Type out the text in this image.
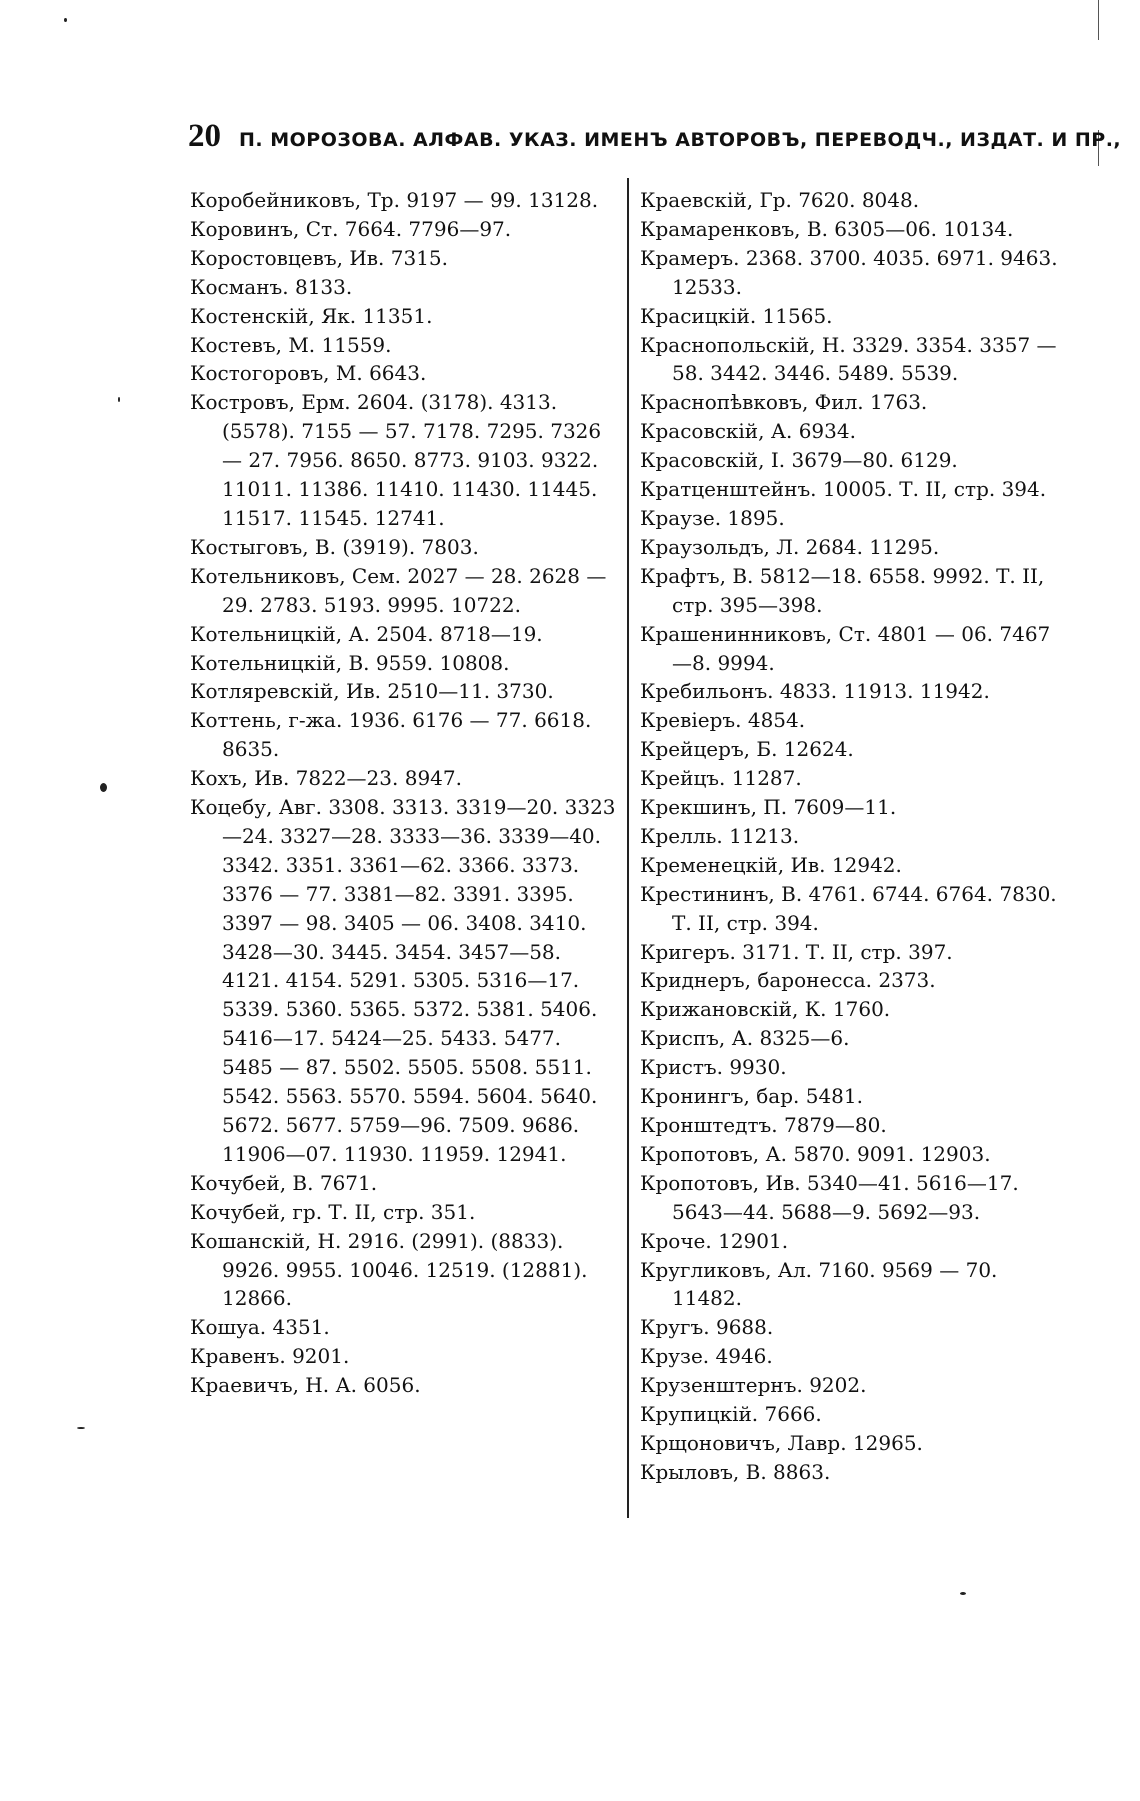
20 П. МОРОЗОВА. АЛФАВ. УКАЗ. ИМЕНЪ АВТОРОВЪ, ПЕРЕВОДЧ., ИЗДАТ. И ПР.,
Коробейниковъ, Тр. 9197 — 99. 13128.
Коровинъ, Ст. 7664. 7796—97.
Коростовцевъ, Ив. 7315.
Косманъ. 8133.
Костенскій, Як. 11351.
Костевъ, М. 11559.
Костогоровъ, М. 6643.
Костровъ, Ерм. 2604. (3178). 4313. (5578). 7155 — 57. 7178. 7295. 7326 — 27. 7956. 8650. 8773. 9103. 9322. 11011. 11386. 11410. 11430. 11445. 11517. 11545. 12741.
Костыговъ, В. (3919). 7803.
Котельниковъ, Сем. 2027 — 28. 2628 — 29. 2783. 5193. 9995. 10722.
Котельницкій, А. 2504. 8718—19.
Котельницкій, В. 9559. 10808.
Котляревскій, Ив. 2510—11. 3730.
Коттень, г-жа. 1936. 6176 — 77. 6618. 8635.
Кохъ, Ив. 7822—23. 8947.
Коцебу, Авг. 3308. 3313. 3319—20. 3323—24. 3327—28. 3333—36. 3339—40. 3342. 3351. 3361—62. 3366. 3373. 3376 — 77. 3381—82. 3391. 3395. 3397 — 98. 3405 — 06. 3408. 3410. 3428—30. 3445. 3454. 3457—58. 4121. 4154. 5291. 5305. 5316—17. 5339. 5360. 5365. 5372. 5381. 5406. 5416—17. 5424—25. 5433. 5477. 5485 — 87. 5502. 5505. 5508. 5511. 5542. 5563. 5570. 5594. 5604. 5640. 5672. 5677. 5759—96. 7509. 9686. 11906—07. 11930. 11959. 12941.
Кочубей, В. 7671.
Кочубей, гр. Т. II, стр. 351.
Кошанскій, Н. 2916. (2991). (8833). 9926. 9955. 10046. 12519. (12881). 12866.
Кошуа. 4351.
Кравенъ. 9201.
Краевичъ, Н. А. 6056.
Краевскій, Гр. 7620. 8048.
Крамаренковъ, В. 6305—06. 10134.
Крамеръ. 2368. 3700. 4035. 6971. 9463. 12533.
Красицкій. 11565.
Краснопольскій, Н. 3329. 3354. 3357 — 58. 3442. 3446. 5489. 5539.
Краснопѣвковъ, Фил. 1763.
Красовскій, А. 6934.
Красовскій, І. 3679—80. 6129.
Кратценштейнъ. 10005. Т. II, стр. 394.
Краузе. 1895.
Краузольдъ, Л. 2684. 11295.
Крафтъ, В. 5812—18. 6558. 9992. Т. II, стр. 395—398.
Крашенинниковъ, Ст. 4801 — 06. 7467—8. 9994.
Кребильонъ. 4833. 11913. 11942.
Кревіеръ. 4854.
Крейцеръ, Б. 12624.
Крейцъ. 11287.
Крекшинъ, П. 7609—11.
Крелль. 11213.
Кременецкій, Ив. 12942.
Крестининъ, В. 4761. 6744. 6764. 7830. Т. II, стр. 394.
Кригеръ. 3171. Т. II, стр. 397.
Криднеръ, баронесса. 2373.
Крижановскій, К. 1760.
Криспъ, А. 8325—6.
Кристъ. 9930.
Кронингъ, бар. 5481.
Кронштедтъ. 7879—80.
Кропотовъ, А. 5870. 9091. 12903.
Кропотовъ, Ив. 5340—41. 5616—17. 5643—44. 5688—9. 5692—93.
Кроче. 12901.
Кругликовъ, Ал. 7160. 9569 — 70. 11482.
Кругъ. 9688.
Крузе. 4946.
Крузенштернъ. 9202.
Крупицкій. 7666.
Крщоновичъ, Лавр. 12965.
Крыловъ, В. 8863.
